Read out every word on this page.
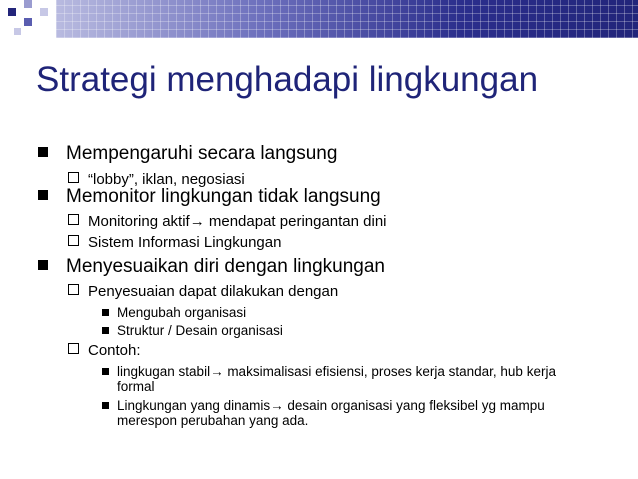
Strategi menghadapi lingkungan
Mempengaruhi secara langsung
“lobby”, iklan, negosiasi
Memonitor lingkungan tidak langsung
Monitoring aktif→ mendapat peringantan dini
Sistem Informasi Lingkungan
Menyesuaikan diri dengan lingkungan
Penyesuaian dapat dilakukan dengan
Mengubah organisasi
Struktur / Desain organisasi
Contoh:
lingkugan stabil→ maksimalisasi efisiensi, proses kerja standar, hub kerja formal
Lingkungan yang dinamis→ desain organisasi yang fleksibel yg mampu merespon perubahan yang ada.
